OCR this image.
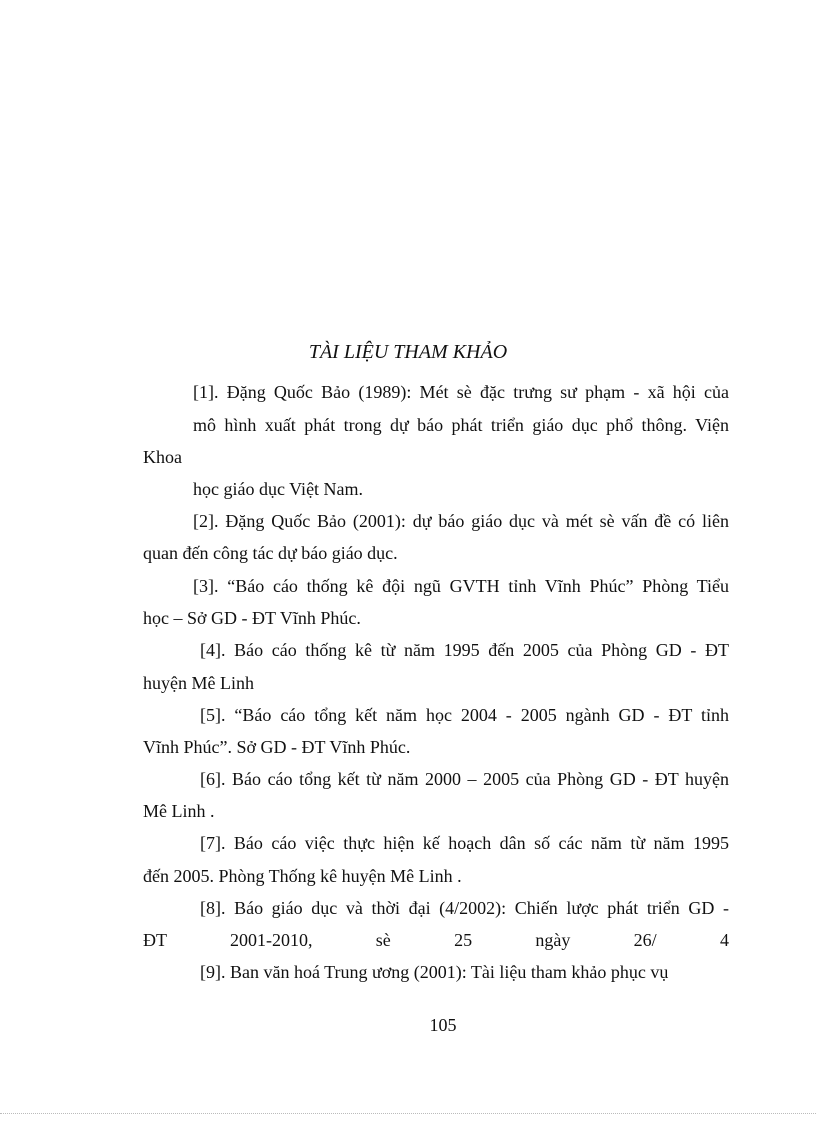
TÀI LIỆU THAM KHẢO
[1]. Đặng Quốc Bảo (1989): Mét sè đặc trưng sư phạm - xã hội của
mô hình xuất phát trong dự báo phát triển giáo dục phổ thông. Viện
Khoa
học giáo dục Việt Nam.
[2]. Đặng Quốc Bảo (2001): dự báo giáo dục và mét sè vấn đề có liên
quan đến công tác dự báo giáo dục.
[3]. “Báo cáo thống kê đội ngũ GVTH tỉnh Vĩnh Phúc” Phòng Tiểu
học – Sở GD - ĐT Vĩnh Phúc.
[4]. Báo cáo thống kê từ năm 1995 đến 2005 của Phòng GD - ĐT
huyện Mê Linh
[5]. “Báo cáo tổng kết năm học 2004 - 2005 ngành GD - ĐT tỉnh
Vĩnh Phúc”. Sở GD - ĐT Vĩnh Phúc.
[6]. Báo cáo tổng kết từ năm 2000 – 2005 của Phòng GD - ĐT huyện
Mê Linh .
[7]. Báo cáo việc thực hiện kế hoạch dân số các năm từ năm 1995
đến 2005. Phòng Thống kê huyện Mê Linh .
[8]. Báo giáo dục và thời đại (4/2002): Chiến lược phát triển GD -
ĐT 2001-2010, sè 25 ngày 26/ 4
[9]. Ban văn hoá Trung ương (2001): Tài liệu tham khảo phục vụ
105
